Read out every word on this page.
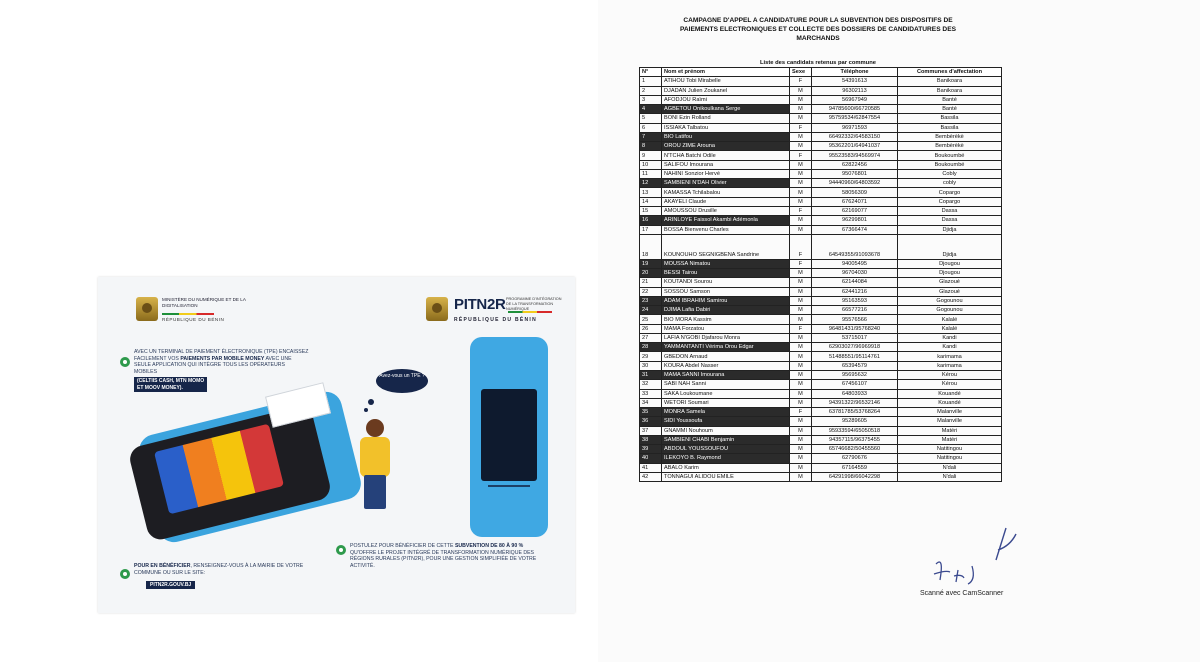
MINISTÈRE DU NUMÉRIQUE ET DE LA DIGITALISATION
RÉPUBLIQUE DU BÉNIN
PITN2R PROGRAMME D'INTÉGRATION DE LA TRANSFORMATION NUMÉRIQUE
RÉPUBLIQUE DU BÉNIN
AVEC UN TERMINAL DE PAIEMENT ÉLECTRONIQUE (TPE) ENCAISSEZ FACILEMENT VOS PAIEMENTS PAR MOBILE MONEY AVEC UNE SEULE APPLICATION QUI INTÈGRE TOUS LES OPÉRATEURS MOBILES
(CELTIIS CASH, MTN MOMO
ET MOOV MONEY).
Avez-vous un TPE ?
POUR EN BÉNÉFICIER, RENSEIGNEZ-VOUS À LA MAIRIE DE VOTRE COMMUNE OU SUR LE SITE:
PITN2R.GOUV.BJ
POSTULEZ POUR BÉNÉFICIER DE CETTE SUBVENTION DE 80 À 90 % QU'OFFRE LE PROJET INTÉGRÉ DE TRANSFORMATION NUMÉRIQUE DES RÉGIONS RURALES (PITN2R), POUR UNE GESTION SIMPLIFIÉE DE VOTRE ACTIVITÉ.
CAMPAGNE D'APPEL A CANDIDATURE POUR LA SUBVENTION DES DISPOSITIFS DE
PAIEMENTS ELECTRONIQUES ET COLLECTE DES DOSSIERS DE CANDIDATURES DES
MARCHANDS
Liste des candidats retenus par commune
N°	Nom et prénom	Sexe	Téléphone	Communes d'affectation
1	ATIHOU Tobi Mirabelle	F	54391613	Banikoara
2	DJADAN Julien Zoukanel	M	96302113	Banikoara
3	AFODJOU Raïmi	M	56967949	Banté
4	AGBETOU Onikoulkana Serge	M	94785600/66720585	Banté
5	BONI Ezin Rolland	M	95759534/62847554	Bassila
6	ISSIAKA Talbatou	F	96971593	Bassila
7	BIO Latifou	M	66492332/64583150	Bembèrèkè
8	OROU ZIME Arouna	M	95362201/64941037	Bembèrèkè
9	N'TCHA Batchi Odile	F	95523583/94569974	Boukoumbé
10	SALIFOU Imourana	M	62822456	Boukoumbé
11	NAHINI Sonzior Hervé	M	95076801	Cobly
12	SAMBIENI N'DAH Olivier	M	94440960/64803592	cobly
13	KAMASSA Tchilabalou	M	58056309	Copargo
14	AKAYELI Claude	M	67624071	Copargo
15	AMOUSSOU Drusille	F	62169077	Dassa
16	ARINLOYE Faissol Akambi Adémonla	M	96299801	Dassa
17	BOSSA Bienvenu Charles	M	67366474	Djidja
18	KOUNOUHO SEGNIGBENA Sandrine	F	64549355/91093678	Djidja
19	MOUSSA Nimatou	F	94005495	Djougou
20	BESSI Tairou	M	96704030	Djougou
21	KOUTANDI Sourou	M	62144084	Glazoué
22	SOSSOU Samson	M	62441216	Glazoué
23	ADAM IBRAHIM Samirou	M	95163593	Gogounou
24	DJIMA Lafia Dabiri	M	66577216	Gogounou
25	BIO MORA Kassim	M	95576566	Kalalé
26	MAMA Forzatou	F	96481431/95768240	Kalalé
27	LAFIA N'GOBI Djafarou Monra	M	53715017	Kandi
28	YAMMANTANTI Vérima Orou Edgar	M	62903027/96969918	Kandi
29	GBEDON Arnaud	M	51488551/95114761	karimama
30	KOURA Abdel Nasser	M	65394579	karimama
31	MAMA SANNI Imourana	M	95695632	Kérou
32	SABI NAH Sanni	M	67456107	Kérou
33	SAKA Loukoumane	M	64803933	Kouandé
34	WETORI Soumari	M	94391322/96532146	Kouandé
35	MONRA Samela	F	63781785/53768264	Malanville
36	SIDI Youssoufa	M	95289605	Malanville
37	GNAMMI Nouhoum	M	95933594/65050518	Matéri
38	SAMBIENI CHABI Benjamin	M	94357115/96375455	Matéri
39	ABDOUL YOUSSOUFOU	M	65746682/50455560	Natitingou
40	ILEKOYO B. Raymond	M	62790676	Natitingou
41	ABALO Karim	M	67164559	N'dali
42	TONNAGUI ALIDOU EMILE	M	64291998/66042298	N'dali
Scanné avec CamScanner
